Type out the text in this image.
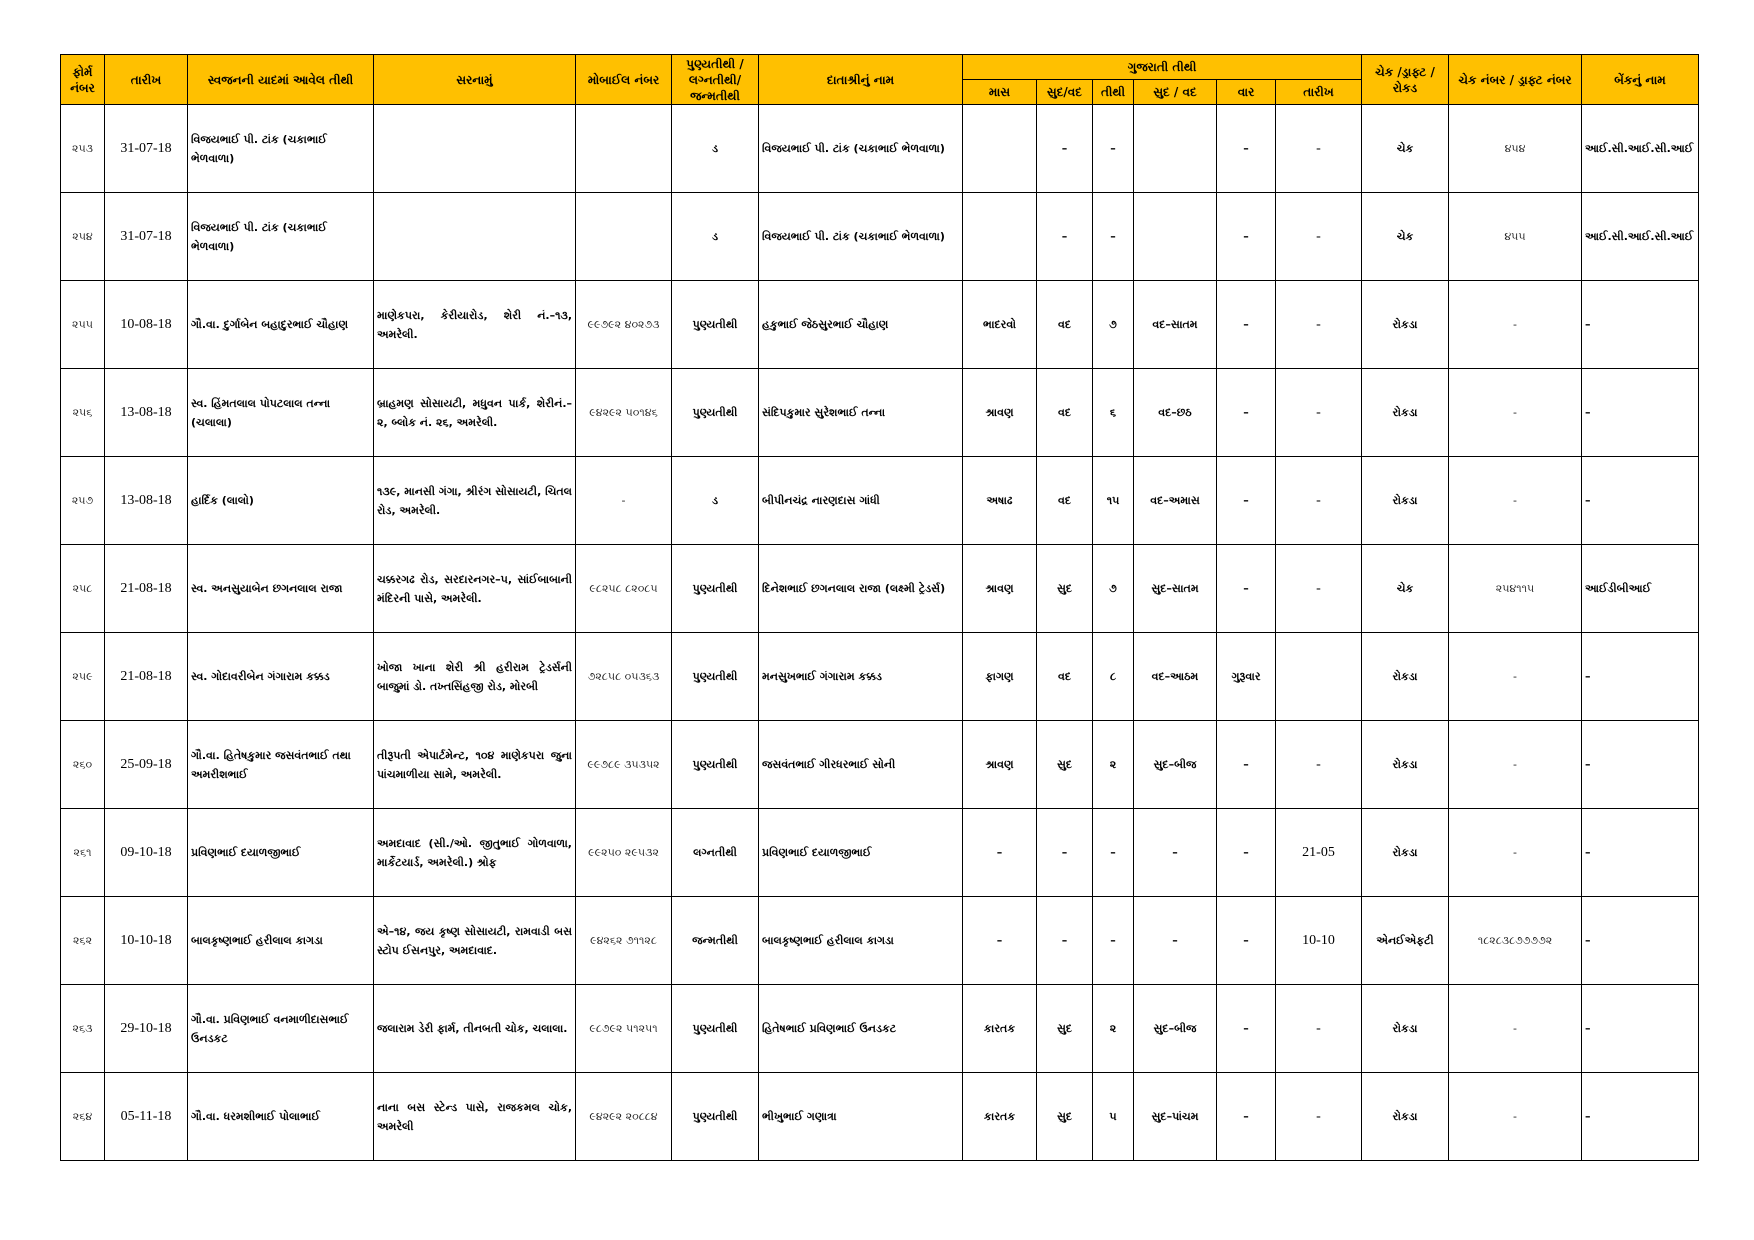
ફોર્મ નંબર	તારીખ	સ્વજનની યાદમાં આવેલ તીથી	સરનામું	મોબાઈલ નંબર	પુણ્યતીથી / લગ્નતીથી/ જન્મતીથી	દાતાશ્રીનું નામ	ગુજરાતી તીથી						ચેક /ડ્રાફ્ટ / રોકડ	ચેક નંબર / ડ્રાફ્ટ નંબર	બેંકનું નામ
							માસ	સુદ/વદ	તીથી	સુદ / વદ	વાર	તારીખ			
૨૫૩	31-07-18	વિજયભાઈ પી. ટાંક (ચકાભાઈ ભેળવાળા)			ડ	વિજયભાઈ પી. ટાંક (ચકાભાઈ ભેળવાળા)		–	–		–	-	ચેક	૪૫૪	આઈ.સી.આઈ.સી.આઈ
૨૫૪	31-07-18	વિજયભાઈ પી. ટાંક (ચકાભાઈ ભેળવાળા)			ડ	વિજયભાઈ પી. ટાંક (ચકાભાઈ ભેળવાળા)		–	–		–	-	ચેક	૪૫૫	આઈ.સી.આઈ.સી.આઈ
૨૫૫	10-08-18	ગૌ.વા. દુર્ગાબેન બહાદુરભાઈ ચૌહાણ	માણેકપરા, કેરીયારોડ, શેરી નં.–૧૩, અમરેલી.	૯૯૭૯૨ ૪૦૨૭૩	પુણ્યતીથી	હકુભાઈ જેઠસુરભાઈ ચૌહાણ	ભાદરવો	વદ	૭	વદ–સાતમ	–	-	રોકડા	-	–
૨૫૬	13-08-18	સ્વ. હિંમતલાલ પોપટલાલ તન્ના (ચલાલા)	બ્રાહમણ સોસાયટી, મધુવન પાર્ક, શેરીનં.–૨, બ્લોક નં. ૨૬, અમરેલી.	૯૪૨૯૨ ૫૦૧૪૬	પુણ્યતીથી	સંદિપકુમાર સુરેશભાઈ તન્ના	શ્રાવણ	વદ	૬	વદ–છઠ	–	-	રોકડા	-	–
૨૫૭	13-08-18	હાર્દિક (લાલો)	૧૩૯, માનસી ગંગા, શ્રીરંગ સોસાયટી, ચિતલ રોડ, અમરેલી.	-	ડ	બીપીનચંદ્ર નારણદાસ ગાંધી	અષાઢ	વદ	૧૫	વદ–અમાસ	–	-	રોકડા	-	–
૨૫૮	21-08-18	સ્વ. અનસુયાબેન છગનલાલ રાજા	ચક્કરગઢ રોડ, સરદારનગર–૫, સાંઈબાબાની મંદિરની પાસે, અમરેલી.	૯૮૨૫૮ ૮૨૦૮૫	પુણ્યતીથી	દિનેશભાઈ છગનલાલ રાજા (લક્ષ્મી ટ્રેડર્સ)	શ્રાવણ	સુદ	૭	સુદ–સાતમ	–	-	ચેક	૨૫૪૧૧૫	આઈડીબીઆઈ
૨૫૯	21-08-18	સ્વ. ગોદાવરીબેન ગંગારામ કક્કડ	ખોજા ખાના શેરી શ્રી હરીરામ ટ્રેડર્સની બાજુમાં ડો. તખ્તસિંહજી રોડ, મોરબી	૭૨૮૫૮ ૦૫૩૬૩	પુણ્યતીથી	મનસુખભાઈ ગંગારામ કક્કડ	ફાગણ	વદ	૮	વદ–આઠમ	ગુરૂવાર		રોકડા	-	–
૨૬૦	25-09-18	ગૌ.વા. હિતેષકુમાર જસવંતભાઈ તથા અમરીશભાઈ	તીરૂપતી એપાર્ટમેન્ટ, ૧૦૪ માણેકપરા જુના પાંચમાળીયા સામે, અમરેલી.	૯૯૭૮૯ ૩૫૩૫૨	પુણ્યતીથી	જસવંતભાઈ ગીરધરભાઈ સોની	શ્રાવણ	સુદ	૨	સુદ–બીજ	–	-	રોકડા	-	–
૨૬૧	09-10-18	પ્રવિણભાઈ દયાળજીભાઈ	અમદાવાદ (સી./ઓ. જીતુભાઈ ગોળવાળા, માર્કેટયાર્ડ, અમરેલી.) શ્રોફ	૯૯૨૫૦ ૨૯૫૩૨	લગ્નતીથી	પ્રવિણભાઈ દયાળજીભાઈ	–	–	–	–	–	21-05	રોકડા	-	–
૨૬૨	10-10-18	બાલકૃષ્ણભાઈ હરીલાલ કાગડા	એ–૧૪, જય કૃષ્ણ સોસાયટી, રામવાડી બસ સ્ટોપ ઈસનપુર, અમદાવાદ.	૯૪૨૬૨ ૭૧૧૨૮	જન્મતીથી	બાલકૃષ્ણભાઈ હરીલાલ કાગડા	–	–	–	–	–	10-10	એનઈએફટી	૧૮૨૮૩૮૭૭૭૭૨	–
૨૬૩	29-10-18	ગૌ.વા. પ્રવિણભાઈ વનમાળીદાસભાઈ ઉનડકટ	જલારામ ડેરી ફાર્મ, તીનબતી ચોક, ચલાલા.	૯૮૭૯૨ ૫૧૨૫૧	પુણ્યતીથી	હિતેષભાઈ પ્રવિણભાઈ ઉનડકટ	કારતક	સુદ	૨	સુદ–બીજ	–	-	રોકડા	-	–
૨૬૪	05-11-18	ગૌ.વા. ધરમશીભાઈ પોલાભાઈ	નાના બસ સ્ટેન્ડ પાસે, રાજકમલ ચોક, અમરેલી	૯૪૨૯૨ ૨૦૮૮૪	પુણ્યતીથી	ભીખુભાઈ ગણાત્રા	કારતક	સુદ	૫	સુદ–પાંચમ	–	-	રોકડા	-	–
